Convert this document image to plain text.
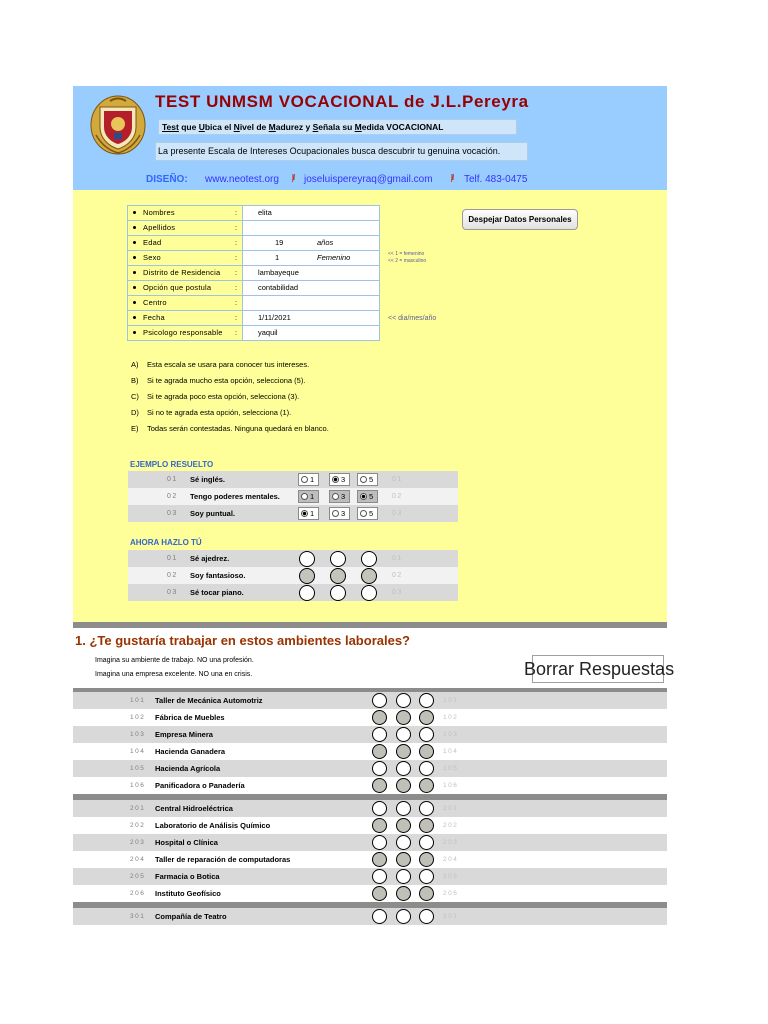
TEST UNMSM VOCACIONAL de J.L.Pereyra
Test que Ubica el Nivel de Madurez y Señala su Medida VOCACIONAL
La presente Escala de Intereses Ocupacionales busca descubrir tu genuina vocación.
DISEÑO: www.neotest.org / joseluispereyraq@gmail.com / Telf. 483-0475
Nombres	:	elita
Apellidos	:
Edad	:	19	años
Sexo	:	1	Femenino
Distrito de Residencia :	lambayeque
Opción que postula	:	contabilidad
Centro	:
Fecha	:	1/11/2021
Psicologo responsable :	yaquil
<< 1 = femenino
<< 2 = masculino
<< dia/mes/año
Despejar Datos Personales
A) Esta escala se usara para conocer tus intereses.
B) Si te agrada mucho esta opción, selecciona (5).
C) Si te agrada poco esta opción, selecciona (3).
D) Si no te agrada esta opción, selecciona (1).
E) Todas serán contestadas. Ninguna quedará en blanco.
EJEMPLO RESUELTO
01 Sé inglés.	1	3	5	01
02 Tengo poderes mentales.	1	3	5	02
03 Soy puntual.	1	3	5	03
AHORA HAZLO TÚ
01 Sé ajedrez.	01
02 Soy fantasioso.	02
03 Sé tocar piano.	03
1. ¿Te gustaría trabajar en estos ambientes laborales?
Imagina su ambiente de trabajo. NO una profesión.
Imagina una empresa excelente. NO una en crisis.	Borrar Respuestas
101 Taller de Mecánica Automotriz	101
102 Fábrica de Muebles	102
103 Empresa Minera	103
104 Hacienda Ganadera	104
105 Hacienda Agrícola	105
106 Panificadora o Panadería	106
201 Central Hidroeléctrica	201
202 Laboratorio de Análisis Químico	202
203 Hospital o Clínica	203
204 Taller de reparación de computadoras	204
205 Farmacia o Botica	205
206 Instituto Geofísico	206
301 Compañía de Teatro	301
